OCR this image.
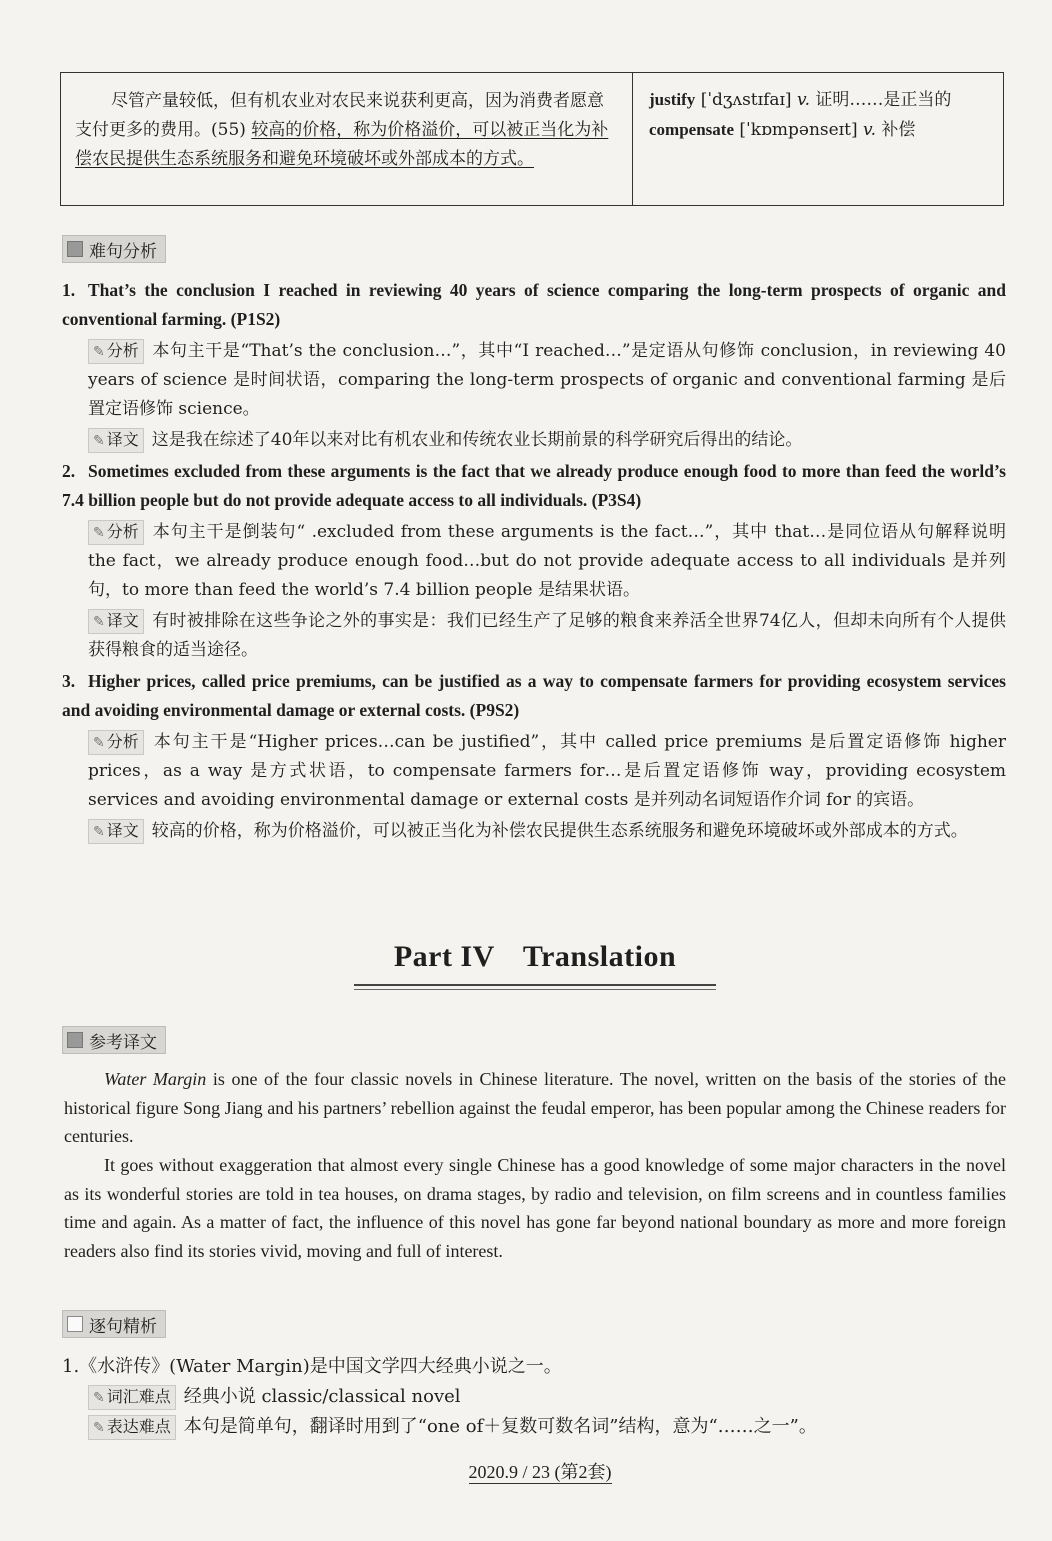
尽管产量较低，但有机农业对农民来说获利更高，因为消费者愿意支付更多的费用。(55) 较高的价格，称为价格溢价，可以被正当化为补偿农民提供生态系统服务和避免环境破坏或外部成本的方式。
justify [ˈdʒʌstɪfaɪ] v. 证明……是正当的
compensate [ˈkɒmpənseɪt] v. 补偿
难句分析
1. That’s the conclusion I reached in reviewing 40 years of science comparing the long-term prospects of organic and conventional farming. (P1S2)
✎ 分析 本句主干是“That’s the conclusion…”，其中“I reached…”是定语从句修饰 conclusion，in reviewing 40 years of science 是时间状语，comparing the long-term prospects of organic and conventional farming 是后置定语修饰 science。
✎ 译文 这是我在综述了40年以来对比有机农业和传统农业长期前景的科学研究后得出的结论。
2. Sometimes excluded from these arguments is the fact that we already produce enough food to more than feed the world’s 7.4 billion people but do not provide adequate access to all individuals. (P3S4)
✎ 分析 本句主干是倒装句“ .excluded from these arguments is the fact…”，其中 that…是同位语从句解释说明 the fact，we already produce enough food…but do not provide adequate access to all individuals 是并列句，to more than feed the world’s 7.4 billion people 是结果状语。
✎ 译文 有时被排除在这些争论之外的事实是：我们已经生产了足够的粮食来养活全世界74亿人，但却未向所有个人提供获得粮食的适当途径。
3. Higher prices, called price premiums, can be justified as a way to compensate farmers for providing ecosystem services and avoiding environmental damage or external costs. (P9S2)
✎ 分析 本句主干是“Higher prices…can be justified”，其中 called price premiums 是后置定语修饰 higher prices，as a way 是方式状语，to compensate farmers for…是后置定语修饰 way，providing ecosystem services and avoiding environmental damage or external costs 是并列动名词短语作介词 for 的宾语。
✎ 译文 较高的价格，称为价格溢价，可以被正当化为补偿农民提供生态系统服务和避免环境破坏或外部成本的方式。
Part IV Translation
参考译文
Water Margin is one of the four classic novels in Chinese literature. The novel, written on the basis of the stories of the historical figure Song Jiang and his partners’ rebellion against the feudal emperor, has been popular among the Chinese readers for centuries.
It goes without exaggeration that almost every single Chinese has a good knowledge of some major characters in the novel as its wonderful stories are told in tea houses, on drama stages, by radio and television, on film screens and in countless families time and again. As a matter of fact, the influence of this novel has gone far beyond national boundary as more and more foreign readers also find its stories vivid, moving and full of interest.
逐句精析
1.《水浒传》(Water Margin)是中国文学四大经典小说之一。
✎ 词汇难点 经典小说 classic/classical novel
✎ 表达难点 本句是简单句，翻译时用到了“one of＋复数可数名词”结构，意为“……之一”。
2020.9 / 23 (第2套)
